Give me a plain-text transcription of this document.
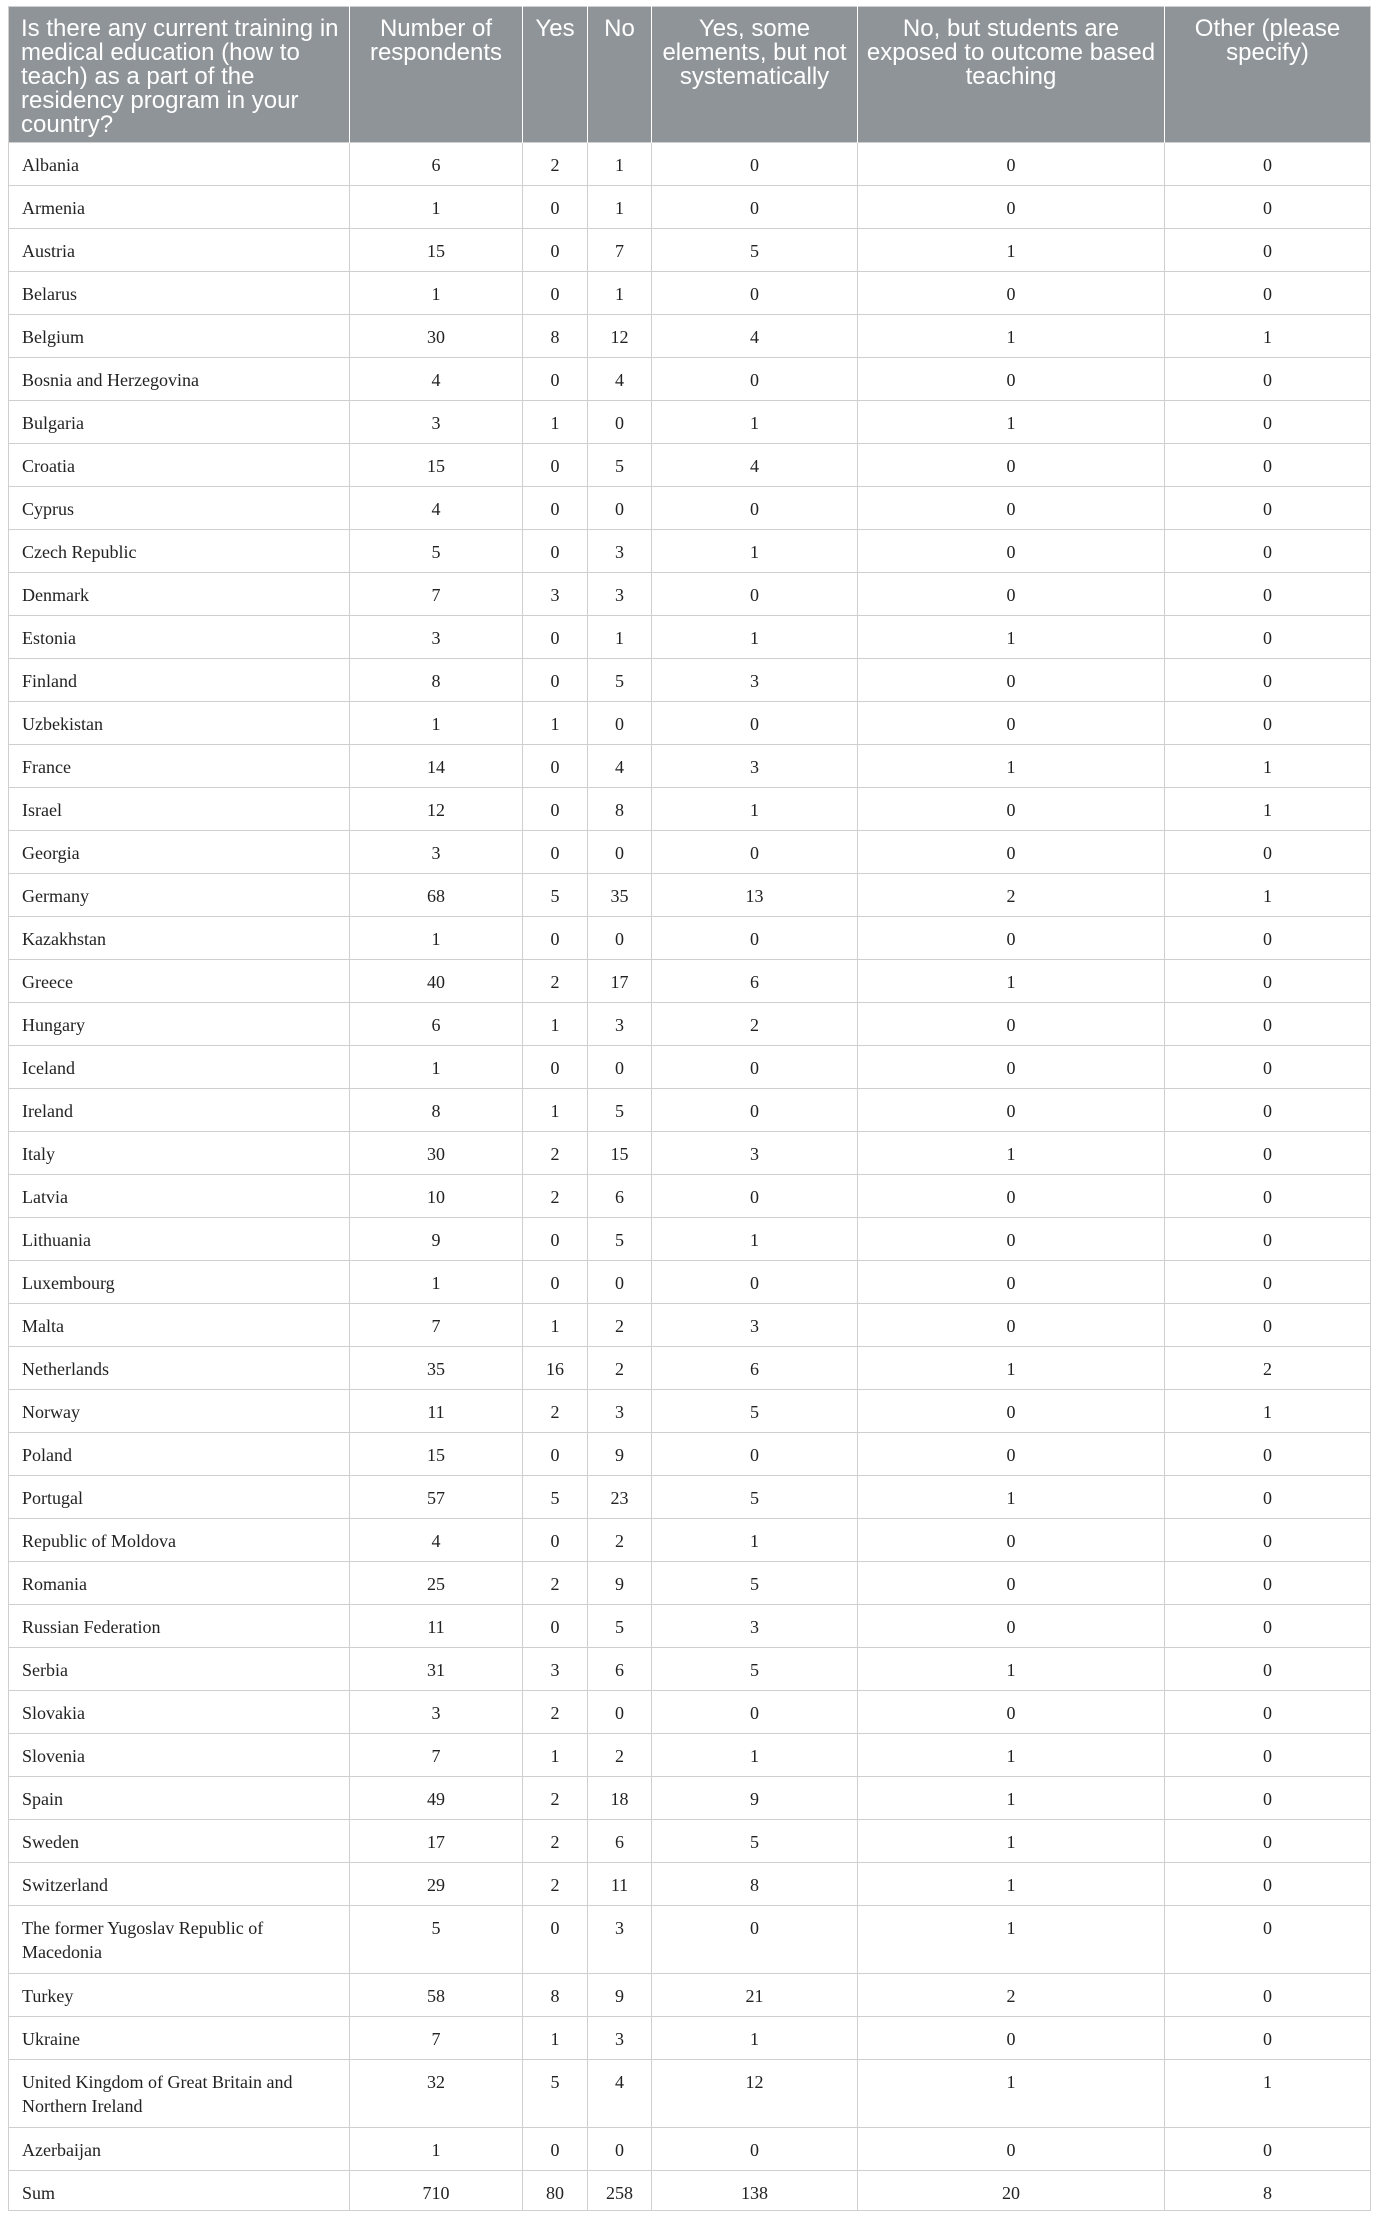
Is there any current training in medical education (how to teach) as a part of the residency program in your country?	Number of respondents	Yes	No	Yes, some elements, but not systematically	No, but students are exposed to outcome based teaching	Other (please specify)
Albania	6	2	1	0	0	0
Armenia	1	0	1	0	0	0
Austria	15	0	7	5	1	0
Belarus	1	0	1	0	0	0
Belgium	30	8	12	4	1	1
Bosnia and Herzegovina	4	0	4	0	0	0
Bulgaria	3	1	0	1	1	0
Croatia	15	0	5	4	0	0
Cyprus	4	0	0	0	0	0
Czech Republic	5	0	3	1	0	0
Denmark	7	3	3	0	0	0
Estonia	3	0	1	1	1	0
Finland	8	0	5	3	0	0
Uzbekistan	1	1	0	0	0	0
France	14	0	4	3	1	1
Israel	12	0	8	1	0	1
Georgia	3	0	0	0	0	0
Germany	68	5	35	13	2	1
Kazakhstan	1	0	0	0	0	0
Greece	40	2	17	6	1	0
Hungary	6	1	3	2	0	0
Iceland	1	0	0	0	0	0
Ireland	8	1	5	0	0	0
Italy	30	2	15	3	1	0
Latvia	10	2	6	0	0	0
Lithuania	9	0	5	1	0	0
Luxembourg	1	0	0	0	0	0
Malta	7	1	2	3	0	0
Netherlands	35	16	2	6	1	2
Norway	11	2	3	5	0	1
Poland	15	0	9	0	0	0
Portugal	57	5	23	5	1	0
Republic of Moldova	4	0	2	1	0	0
Romania	25	2	9	5	0	0
Russian Federation	11	0	5	3	0	0
Serbia	31	3	6	5	1	0
Slovakia	3	2	0	0	0	0
Slovenia	7	1	2	1	1	0
Spain	49	2	18	9	1	0
Sweden	17	2	6	5	1	0
Switzerland	29	2	11	8	1	0
The former Yugoslav Republic of Macedonia	5	0	3	0	1	0
Turkey	58	8	9	21	2	0
Ukraine	7	1	3	1	0	0
United Kingdom of Great Britain and Northern Ireland	32	5	4	12	1	1
Azerbaijan	1	0	0	0	0	0
Sum	710	80	258	138	20	8
